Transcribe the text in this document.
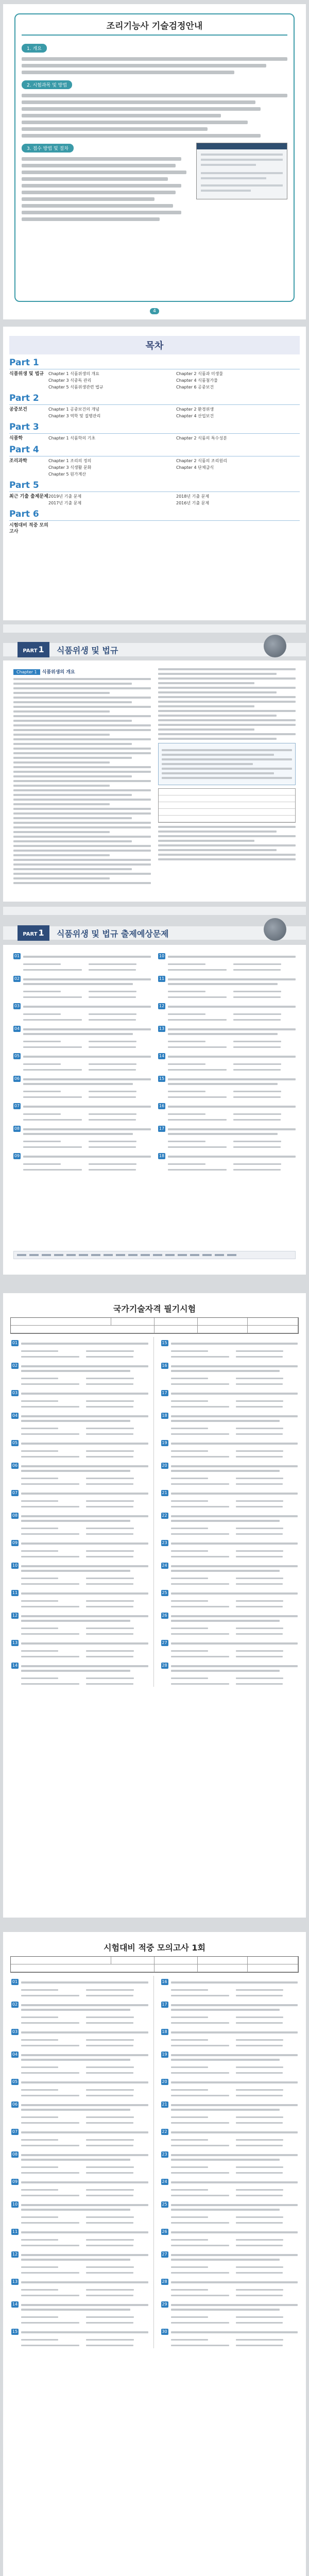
조리기능사 기술검정안내
1. 개요
2. 시험과목 및 방법
3. 접수 방법 및 절차
4
목차
Part 1
식품위생 및 법규	Chapter 1 식품위생의 개요	Chapter 2 식품과 미생물
Chapter 3 식중독 관리	Chapter 4 식품첨가물
Chapter 5 식품위생관련 법규	Chapter 6 공중보건
Part 2
공중보건	Chapter 1 공중보건의 개념	Chapter 2 환경위생
Chapter 3 역학 및 질병관리	Chapter 4 산업보건
Part 3
식품학	Chapter 1 식품학의 기초	Chapter 2 식품의 특수성분
Part 4
조리과학	Chapter 1 조리의 정의	Chapter 2 식품의 조리원리
Chapter 3 식생활 문화	Chapter 4 단체급식
Chapter 5 원가계산
Part 5
최근 기출 출제문제 2019년 기출 문제	2018년 기출 문제
2017년 기출 문제	2016년 기출 문제
Part 6
시험대비 적중 모의고사
PART 1	식품위생 및 법규
Chapter 1 식품위생의 개요
PART 1	식품위생 및 법규 출제예상문제
01
02
03
04
05
06
07
08
09
10
11
12
13
14
15
16
17
18
국가기술자격 필기시험
01
02
03
04
05
06
07
08
09
10
11
12
13
14
15
16
17
18
19
20
21
22
23
24
25
26
27
28
시험대비 적중 모의고사 1회
01
02
03
04
05
06
07
08
09
10
11
12
13
14
15
16
17
18
19
20
21
22
23
24
25
26
27
28
29
30
